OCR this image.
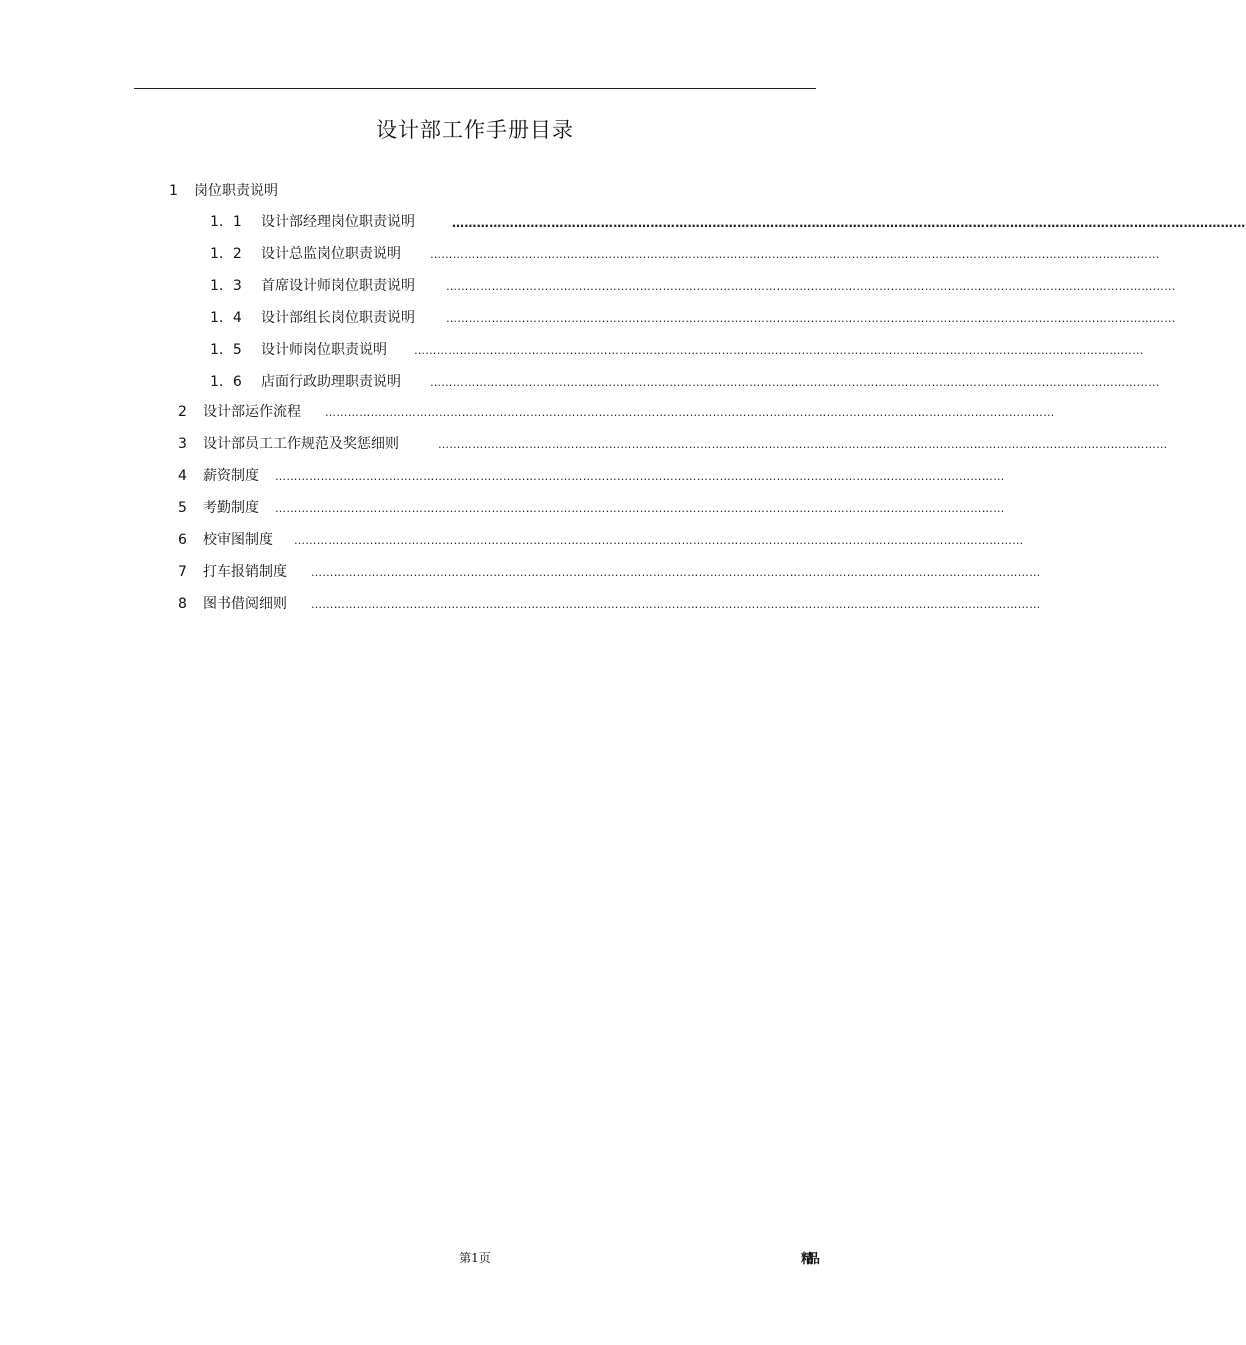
设计部工作手册目录
1 岗位职责说明
1．1 设计部经理岗位职责说明	…………………………………………………………………………………………………………………………………………………………………………
1．2 设计总监岗位职责说明	…………………………………………………………………………………………………………………………………………………………………………
1．3 首席设计师岗位职责说明	…………………………………………………………………………………………………………………………………………………………………………
1．4 设计部组长岗位职责说明	…………………………………………………………………………………………………………………………………………………………………………
1．5 设计师岗位职责说明 …………………………………………………………………………………………………………………………………………………………………………
1．6 店面行政助理职责说明	…………………………………………………………………………………………………………………………………………………………………………
2 设计部运作流程 …………………………………………………………………………………………………………………………………………………………………………
3 设计部员工工作规范及奖惩细则	…………………………………………………………………………………………………………………………………………………………………………
4 薪资制度 …………………………………………………………………………………………………………………………………………………………………………
5 考勤制度 …………………………………………………………………………………………………………………………………………………………………………
6 校审图制度 …………………………………………………………………………………………………………………………………………………………………………
7 打车报销制度 …………………………………………………………………………………………………………………………………………………………………………
8 图书借阅细则 …………………………………………………………………………………………………………………………………………………………………………
第1页	精品
